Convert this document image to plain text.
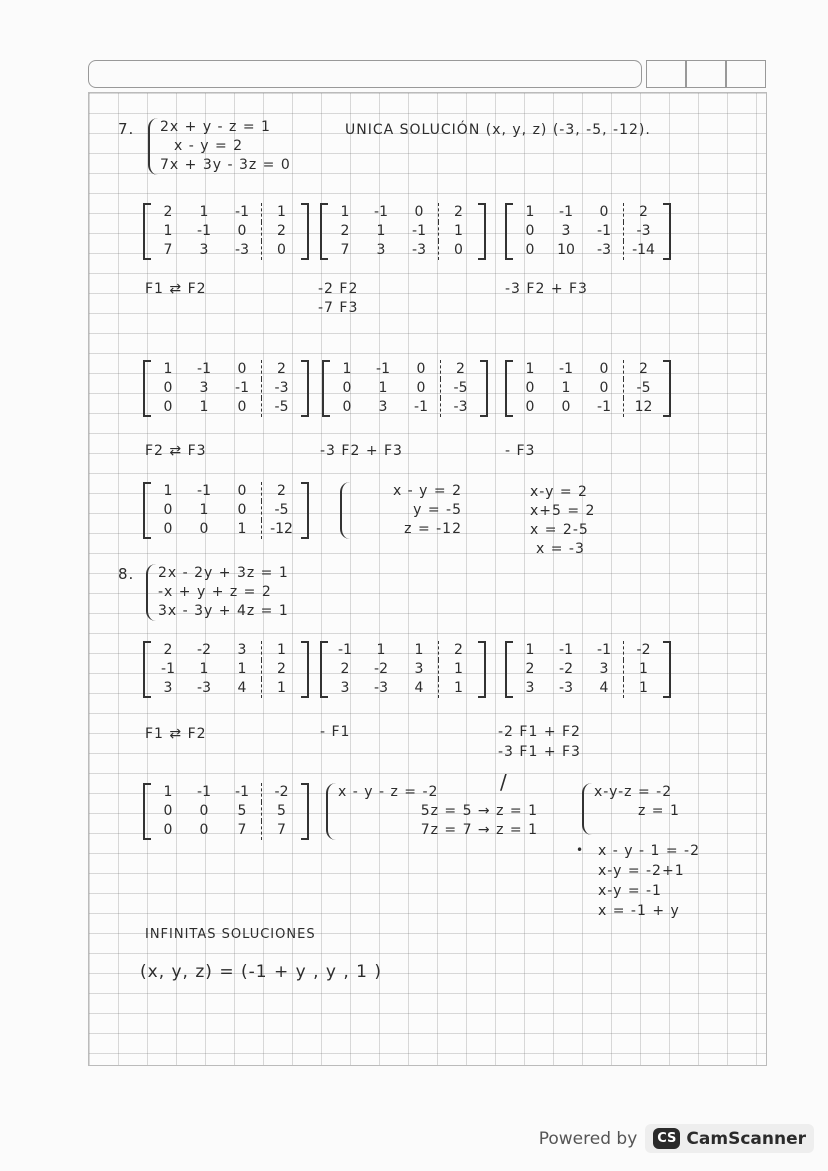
7. 2x + y - z = 1
x - y = 2
7x + 3y - 3z = 0
UNICA SOLUCIÓN (x, y, z) (-3, -5, -12).
2	1	-1	1
1	-1	0	2
7	3	-3	0
1	-1	0	2
2	1	-1	1
7	3	-3	0
1	-1	0	2
0	3	-1	-3
0	10	-3	-14
F1 ⇄ F2	-2 F2
-7 F3
-3 F2 + F3
1	-1	0	2
0	3	-1	-3
0	1	0	-5
1	-1	0	2
0	1	0	-5
0	3	-1	-3
1	-1	0	2
0	1	0	-5
0	0	-1	12
F2 ⇄ F3	-3 F2 + F3	- F3
1	-1	0	2
0	1	0	-5
0	0	1	-12
x - y = 2
y = -5
z = -12
x-y = 2
x+5 = 2
x = 2-5
x = -3
8. 2x - 2y + 3z = 1
-x + y + z = 2
3x - 3y + 4z = 1
2	-2	3	1
-1	1	1	2
3	-3	4	1
-1	1	1	2
2	-2	3	1
3	-3	4	1
1	-1	-1	-2
2	-2	3	1
3	-3	4	1
F1 ⇄ F2	- F1	-2 F1 + F2
-3 F1 + F3
1	-1	-1	-2
0	0	5	5
0	0	7	7
x - y - z = -2
5z = 5 → z = 1
7z = 7 → z = 1
/	x-y-z = -2
z = 1
• x - y - 1 = -2
x-y = -2+1
x-y = -1
x = -1 + y
INFINITAS SOLUCIONES
(x, y, z) = (-1 + y , y , 1 )
Powered by	CS CamScanner
